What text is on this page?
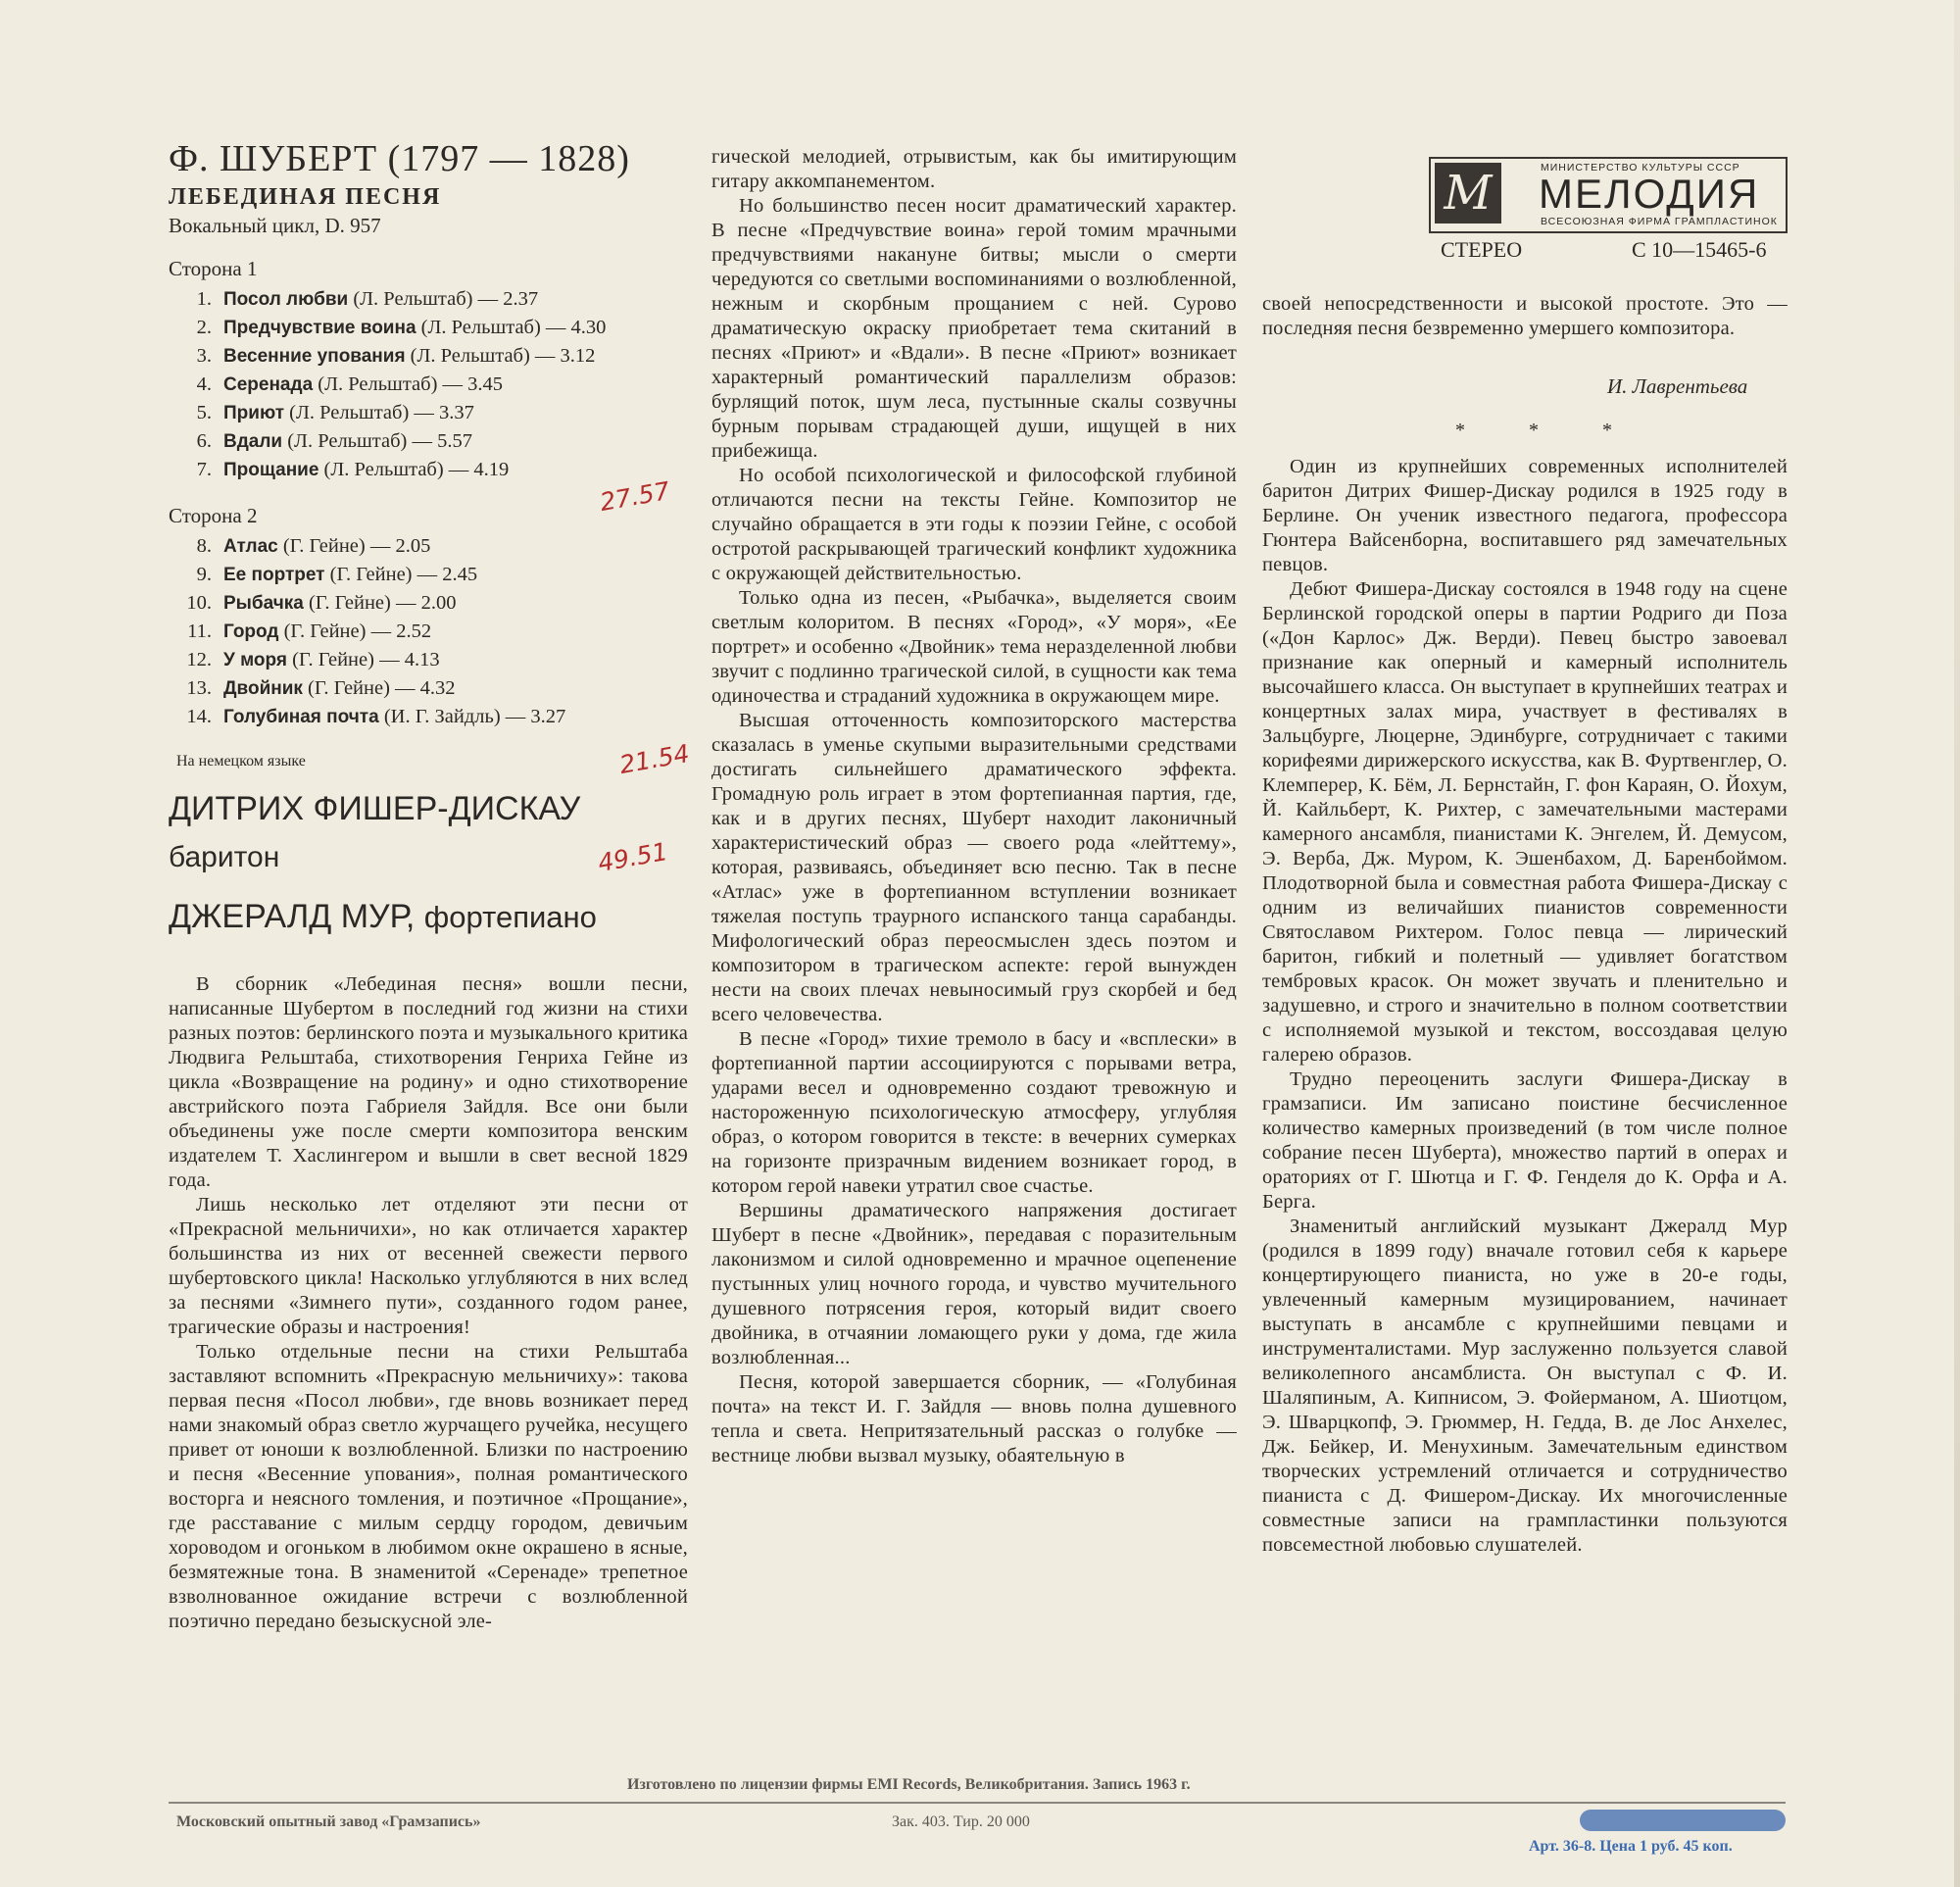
Ф. ШУБЕРТ (1797 — 1828)
ЛЕБЕДИНАЯ ПЕСНЯ
Вокальный цикл, D. 957
Сторона 1
1. Посол любви (Л. Рельштаб) — 2.37
2. Предчувствие воина (Л. Рельштаб) — 4.30
3. Весенние упования (Л. Рельштаб) — 3.12
4. Серенада (Л. Рельштаб) — 3.45
5. Приют (Л. Рельштаб) — 3.37
6. Вдали (Л. Рельштаб) — 5.57
7. Прощание (Л. Рельштаб) — 4.19
27.57
Сторона 2
8. Атлас (Г. Гейне) — 2.05
9. Ее портрет (Г. Гейне) — 2.45
10. Рыбачка (Г. Гейне) — 2.00
11. Город (Г. Гейне) — 2.52
12. У моря (Г. Гейне) — 4.13
13. Двойник (Г. Гейне) — 4.32
14. Голубиная почта (И. Г. Зайдль) — 3.27
21.54
На немецком языке
ДИТРИХ ФИШЕР-ДИСКАУ
баритон	49.51
ДЖЕРАЛД МУР, фортепиано

В сборник «Лебединая песня» вошли песни, написанные Шубертом в последний год жизни на стихи разных поэтов: берлинского поэта и музыкального критика Людвига Рельштаба, стихотворения Генриха Гейне из цикла «Возвращение на родину» и одно стихотворение австрийского поэта Габриеля Зайдля. Все они были объединены уже после смерти композитора венским издателем Т. Хаслингером и вышли в свет весной 1829 года.

Лишь несколько лет отделяют эти песни от «Прекрасной мельничихи», но как отличается характер большинства из них от весенней свежести первого шубертовского цикла! Насколько углубляются в них вслед за песнями «Зимнего пути», созданного годом ранее, трагические образы и настроения!

Только отдельные песни на стихи Рельштаба заставляют вспомнить «Прекрасную мельничиху»: такова первая песня «Посол любви», где вновь возникает перед нами знакомый образ светло журчащего ручейка, несущего привет от юноши к возлюбленной. Близки по настроению и песня «Весенние упования», полная романтического восторга и неясного томления, и поэтичное «Прощание», где расставание с милым сердцу городом, девичьим хороводом и огоньком в любимом окне окрашено в ясные, безмятежные тона. В знаменитой «Серенаде» трепетное взволнованное ожидание встречи с возлюбленной поэтично передано безыскусной эле-

гической мелодией, отрывистым, как бы имитирующим гитару аккомпанементом.

Но большинство песен носит драматический характер. В песне «Предчувствие воина» герой томим мрачными предчувствиями накануне битвы; мысли о смерти чередуются со светлыми воспоминаниями о возлюбленной, нежным и скорбным прощанием с ней. Сурово драматическую окраску приобретает тема скитаний в песнях «Приют» и «Вдали». В песне «Приют» возникает характерный романтический параллелизм образов: бурлящий поток, шум леса, пустынные скалы созвучны бурным порывам страдающей души, ищущей в них прибежища.

Но особой психологической и философской глубиной отличаются песни на тексты Гейне. Композитор не случайно обращается в эти годы к поэзии Гейне, с особой остротой раскрывающей трагический конфликт художника с окружающей действительностью.

Только одна из песен, «Рыбачка», выделяется своим светлым колоритом. В песнях «Город», «У моря», «Ее портрет» и особенно «Двойник» тема неразделенной любви звучит с подлинно трагической силой, в сущности как тема одиночества и страданий художника в окружающем мире.

Высшая отточенность композиторского мастерства сказалась в уменье скупыми выразительными средствами достигать сильнейшего драматического эффекта. Громадную роль играет в этом фортепианная партия, где, как и в других песнях, Шуберт находит лаконичный характеристический образ — своего рода «лейттему», которая, развиваясь, объединяет всю песню. Так в песне «Атлас» уже в фортепианном вступлении возникает тяжелая поступь траурного испанского танца сарабанды. Мифологический образ переосмыслен здесь поэтом и композитором в трагическом аспекте: герой вынужден нести на своих плечах невыносимый груз скорбей и бед всего человечества.

В песне «Город» тихие тремоло в басу и «всплески» в фортепианной партии ассоциируются с порывами ветра, ударами весел и одновременно создают тревожную и настороженную психологическую атмосферу, углубляя образ, о котором говорится в тексте: в вечерних сумерках на горизонте призрачным видением возникает город, в котором герой навеки утратил свое счастье.

Вершины драматического напряжения достигает Шуберт в песне «Двойник», передавая с поразительным лаконизмом и силой одновременно и мрачное оцепенение пустынных улиц ночного города, и чувство мучительного душевного потрясения героя, который видит своего двойника, в отчаянии ломающего руки у дома, где жила возлюбленная...

Песня, которой завершается сборник, — «Голубиная почта» на текст И. Г. Зайдля — вновь полна душевного тепла и света. Непритязательный рассказ о голубке — вестнице любви вызвал музыку, обаятельную в

M	МИНИСТЕРСТВО КУЛЬТУРЫ СССР
МЕЛОДИЯ
ВСЕСОЮЗНАЯ ФИРМА ГРАМПЛАСТИНОК
СТЕРЕО	С 10—15465-6

своей непосредственности и высокой простоте. Это — последняя песня безвременно умершего композитора.

И. Лаврентьева
* * *

Один из крупнейших современных исполнителей баритон Дитрих Фишер-Дискау родился в 1925 году в Берлине. Он ученик известного педагога, профессора Гюнтера Вайсенборна, воспитавшего ряд замечательных певцов.

Дебют Фишера-Дискау состоялся в 1948 году на сцене Берлинской городской оперы в партии Родриго ди Поза («Дон Карлос» Дж. Верди). Певец быстро завоевал признание как оперный и камерный исполнитель высочайшего класса. Он выступает в крупнейших театрах и концертных залах мира, участвует в фестивалях в Зальцбурге, Люцерне, Эдинбурге, сотрудничает с такими корифеями дирижерского искусства, как В. Фуртвенглер, О. Клемперер, К. Бём, Л. Бернстайн, Г. фон Караян, О. Йохум, Й. Кайльберт, К. Рихтер, с замечательными мастерами камерного ансамбля, пианистами К. Энгелем, Й. Демусом, Э. Верба, Дж. Муром, К. Эшенбахом, Д. Баренбоймом. Плодотворной была и совместная работа Фишера-Дискау с одним из величайших пианистов современности Святославом Рихтером. Голос певца — лирический баритон, гибкий и полетный — удивляет богатством тембровых красок. Он может звучать и пленительно и задушевно, и строго и значительно в полном соответствии с исполняемой музыкой и текстом, воссоздавая целую галерею образов.

Трудно переоценить заслуги Фишера-Дискау в грамзаписи. Им записано поистине бесчисленное количество камерных произведений (в том числе полное собрание песен Шуберта), множество партий в операх и ораториях от Г. Шютца и Г. Ф. Генделя до К. Орфа и А. Берга.

Знаменитый английский музыкант Джералд Мур (родился в 1899 году) вначале готовил себя к карьере концертирующего пианиста, но уже в 20-е годы, увлеченный камерным музицированием, начинает выступать в ансамбле с крупнейшими певцами и инструменталистами. Мур заслуженно пользуется славой великолепного ансамблиста. Он выступал с Ф. И. Шаляпиным, А. Кипнисом, Э. Фойерманом, А. Шиотцом, Э. Шварцкопф, Э. Грюммер, Н. Гедда, В. де Лос Анхелес, Дж. Бейкер, И. Менухиным. Замечательным единством творческих устремлений отличается и сотрудничество пианиста с Д. Фишером-Дискау. Их многочисленные совместные записи на грампластинки пользуются повсеместной любовью слушателей.

Изготовлено по лицензии фирмы EMI Records, Великобритания. Запись 1963 г.
Московский опытный завод «Грамзапись»	Зак. 403. Тир. 20 000
Арт. 36-8. Цена 1 руб. 45 коп.
